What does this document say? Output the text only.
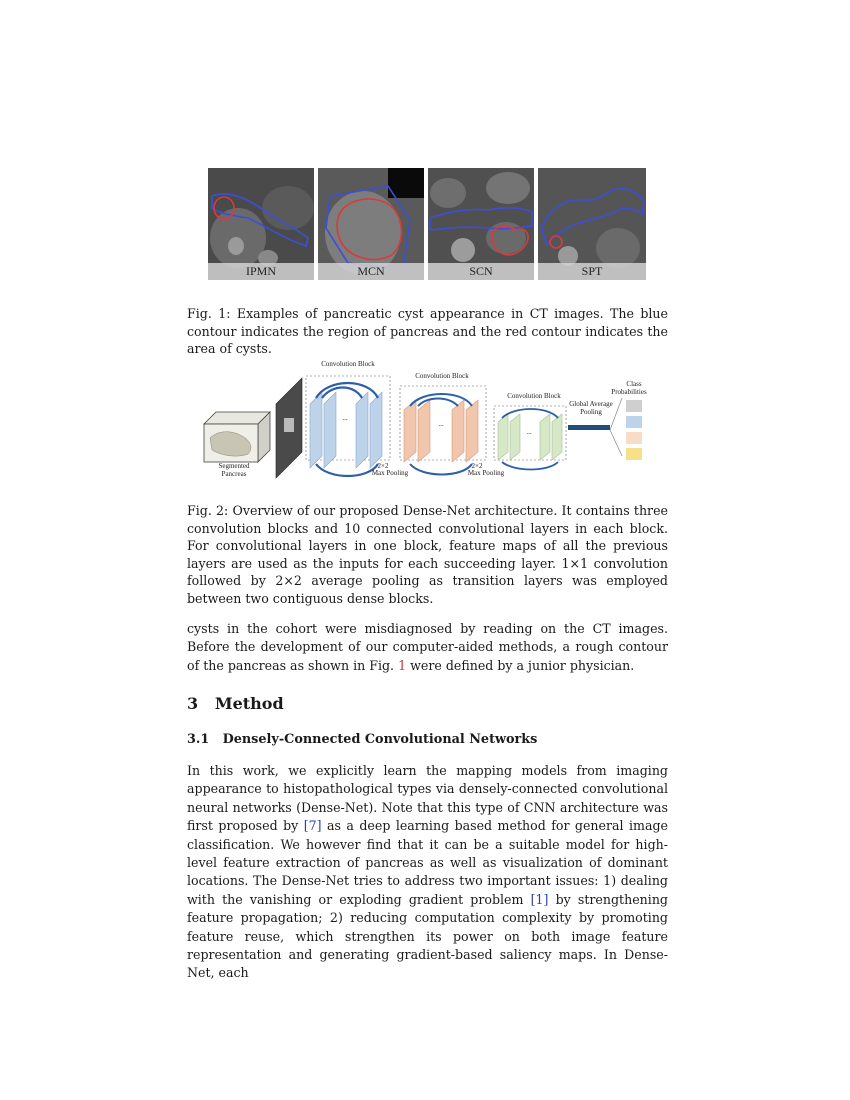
IPMN	MCN	SCN	SPT
Fig. 1: Examples of pancreatic cyst appearance in CT images. The blue contour indicates the region of pancreas and the red contour indicates the area of cysts.
Segmented
Pancreas
Convolution Block
Convolution Block
Convolution Block
...
...
...
2×2
Max Pooling
2×2
Max Pooling
Global Average
Pooling
Class
Probabilities
Fig. 2: Overview of our proposed Dense-Net architecture. It contains three convolution blocks and 10 connected convolutional layers in each block. For convolutional layers in one block, feature maps of all the previous layers are used as the inputs for each succeeding layer. 1×1 convolution followed by 2×2 average pooling as transition layers was employed between two contiguous dense blocks.

cysts in the cohort were misdiagnosed by reading on the CT images. Before the development of our computer-aided methods, a rough contour of the pancreas as shown in Fig. 1 were defined by a junior physician.

3 Method
3.1 Densely-Connected Convolutional Networks

In this work, we explicitly learn the mapping models from imaging appearance to histopathological types via densely-connected convolutional neural networks (Dense-Net). Note that this type of CNN architecture was first proposed by [7] as a deep learning based method for general image classification. We however find that it can be a suitable model for high-level feature extraction of pancreas as well as visualization of dominant locations. The Dense-Net tries to address two important issues: 1) dealing with the vanishing or exploding gradient problem [1] by strengthening feature propagation; 2) reducing computation complexity by promoting feature reuse, which strengthen its power on both image feature representation and generating gradient-based saliency maps. In Dense-Net, each
